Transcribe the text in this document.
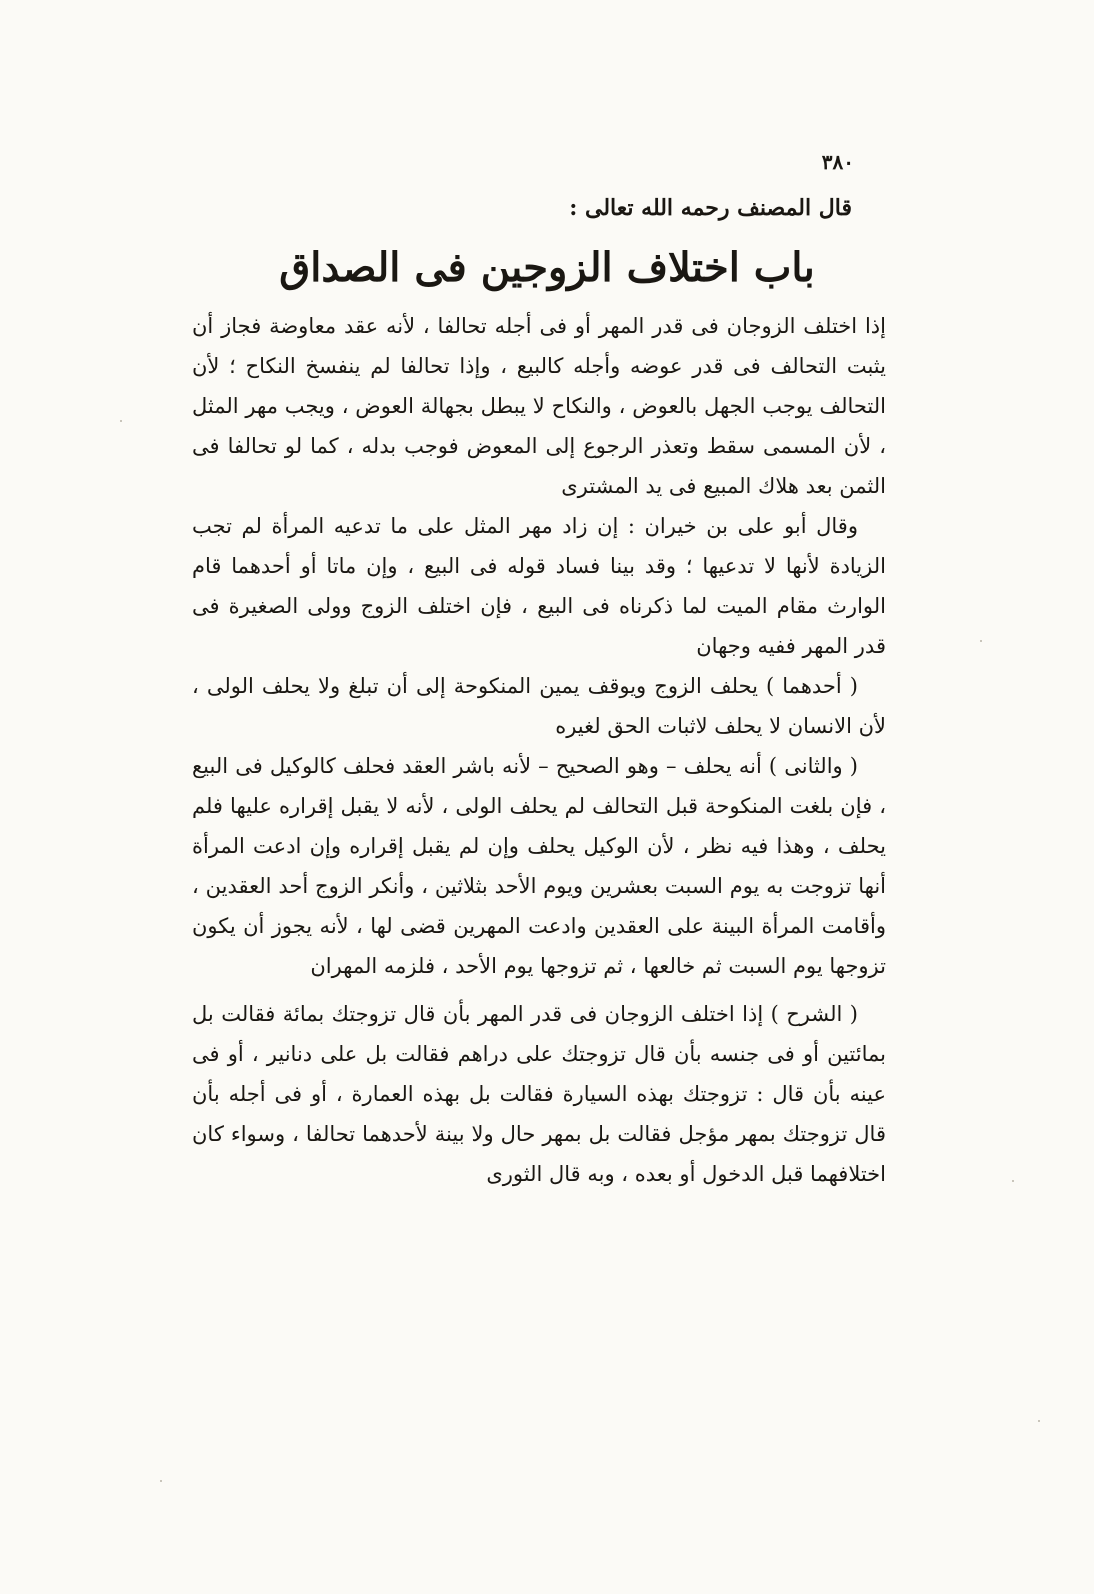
٣٨٠
قال المصنف رحمه الله تعالى :
باب اختلاف الزوجين فى الصداق

إذا اختلف الزوجان فى قدر المهر أو فى أجله تحالفا ، لأنه عقد معاوضة فجاز أن يثبت التحالف فى قدر عوضه وأجله كالبيع ، وإذا تحالفا لم ينفسخ النكاح ؛ لأن التحالف يوجب الجهل بالعوض ، والنكاح لا يبطل بجهالة العوض ، ويجب مهر المثل ، لأن المسمى سقط وتعذر الرجوع إلى المعوض فوجب بدله ، كما لو تحالفا فى الثمن بعد هلاك المبيع فى يد المشترى

وقال أبو على بن خيران : إن زاد مهر المثل على ما تدعيه المرأة لم تجب الزيادة لأنها لا تدعيها ؛ وقد بينا فساد قوله فى البيع ، وإن ماتا أو أحدهما قام الوارث مقام الميت لما ذكرناه فى البيع ، فإن اختلف الزوج وولى الصغيرة فى قدر المهر ففيه وجهان

( أحدهما ) يحلف الزوج ويوقف يمين المنكوحة إلى أن تبلغ ولا يحلف الولى ، لأن الانسان لا يحلف لاثبات الحق لغيره

( والثانى ) أنه يحلف – وهو الصحيح – لأنه باشر العقد فحلف كالوكيل فى البيع ، فإن بلغت المنكوحة قبل التحالف لم يحلف الولى ، لأنه لا يقبل إقراره عليها فلم يحلف ، وهذا فيه نظر ، لأن الوكيل يحلف وإن لم يقبل إقراره وإن ادعت المرأة أنها تزوجت به يوم السبت بعشرين ويوم الأحد بثلاثين ، وأنكر الزوج أحد العقدين ، وأقامت المرأة البينة على العقدين وادعت المهرين قضى لها ، لأنه يجوز أن يكون تزوجها يوم السبت ثم خالعها ، ثم تزوجها يوم الأحد ، فلزمه المهران

( الشرح ) إذا اختلف الزوجان فى قدر المهر بأن قال تزوجتك بمائة فقالت بل بمائتين أو فى جنسه بأن قال تزوجتك على دراهم فقالت بل على دنانير ، أو فى عينه بأن قال : تزوجتك بهذه السيارة فقالت بل بهذه العمارة ، أو فى أجله بأن قال تزوجتك بمهر مؤجل فقالت بل بمهر حال ولا بينة لأحدهما تحالفا ، وسواء كان اختلافهما قبل الدخول أو بعده ، وبه قال الثورى
